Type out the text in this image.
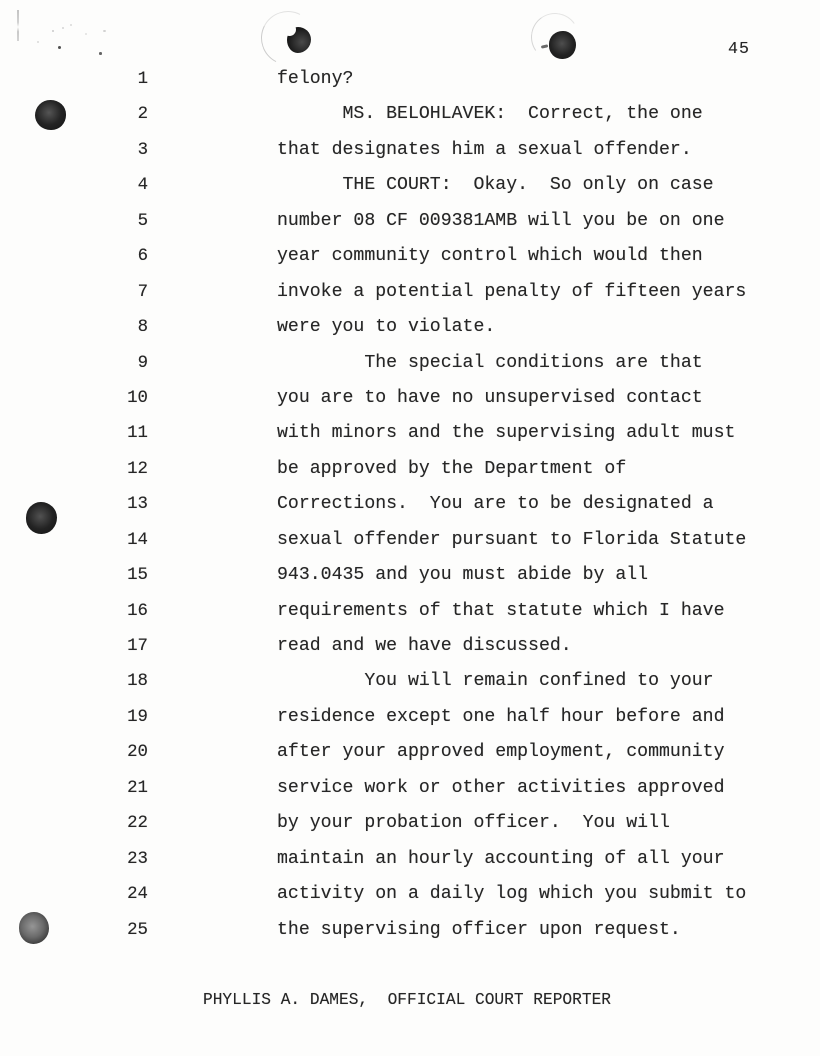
45
1	felony?
2	MS. BELOHLAVEK:  Correct, the one
3	that designates him a sexual offender.
4	THE COURT:  Okay.  So only on case
5	number 08 CF 009381AMB will you be on one
6	year community control which would then
7	invoke a potential penalty of fifteen years
8	were you to violate.
9	The special conditions are that
10	you are to have no unsupervised contact
11	with minors and the supervising adult must
12	be approved by the Department of
13	Corrections.  You are to be designated a
14	sexual offender pursuant to Florida Statute
15	943.0435 and you must abide by all
16	requirements of that statute which I have
17	read and we have discussed.
18	You will remain confined to your
19	residence except one half hour before and
20	after your approved employment, community
21	service work or other activities approved
22	by your probation officer.  You will
23	maintain an hourly accounting of all your
24	activity on a daily log which you submit to
25	the supervising officer upon request.
PHYLLIS A. DAMES,  OFFICIAL COURT REPORTER
